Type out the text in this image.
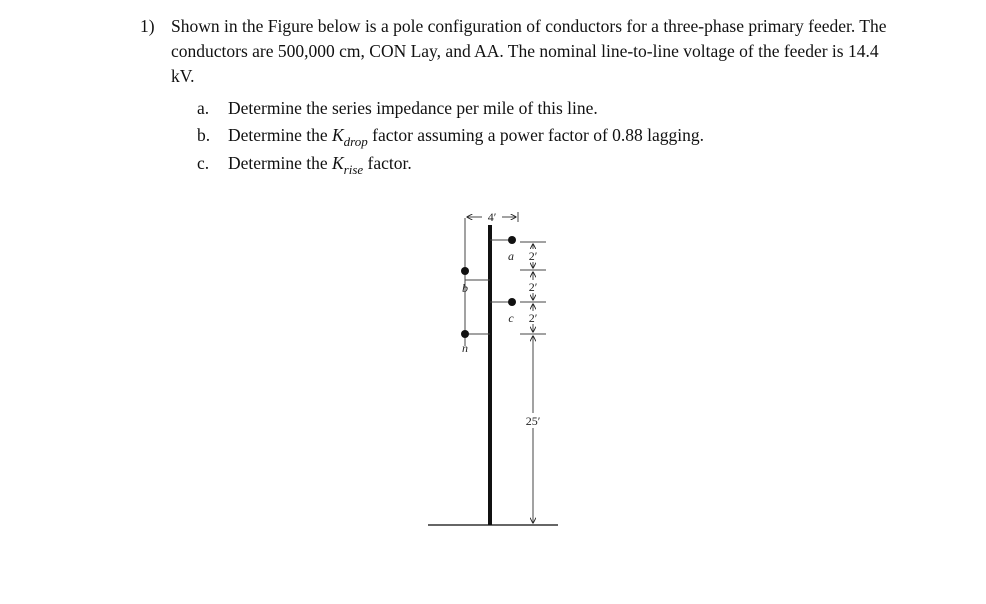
1) Shown in the Figure below is a pole configuration of conductors for a three-phase primary feeder. The conductors are 500,000 cm, CON Lay, and AA. The nominal line-to-line voltage of the feeder is 14.4 kV.
a.	Determine the series impedance per mile of this line.
b.	Determine the $K_{drop}$ factor assuming a power factor of 0.88 lagging.
c.	Determine the $K_{rise}$ factor.
4′
a
b
c
n
2′
2′
2′
25′
